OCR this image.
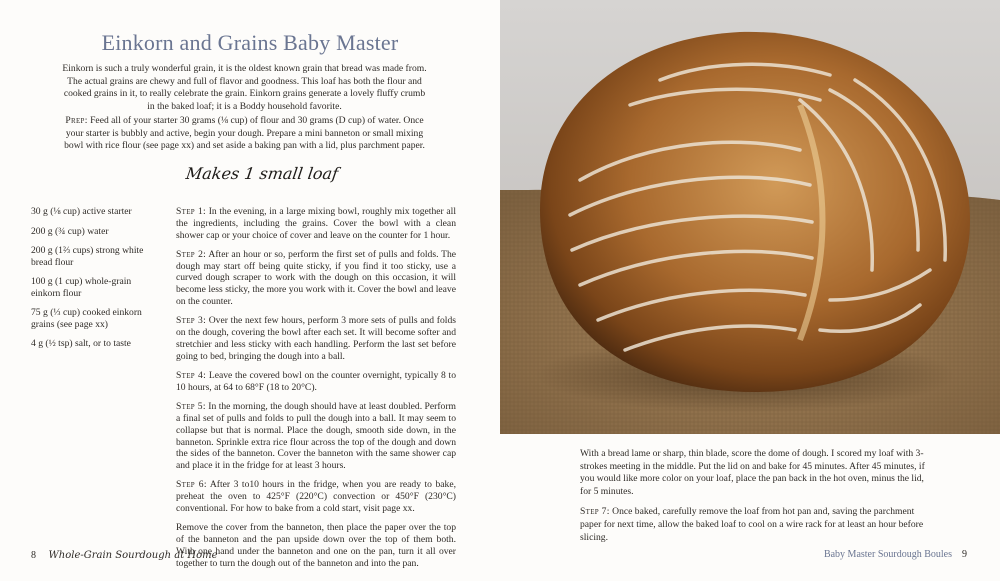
Einkorn and Grains Baby Master

Einkorn is such a truly wonderful grain, it is the oldest known grain that bread was made from. The actual grains are chewy and full of flavor and goodness. This loaf has both the flour and cooked grains in it, to really celebrate the grain. Einkorn grains generate a lovely fluffy crumb in the baked loaf; it is a Boddy household favorite.

Prep: Feed all of your starter 30 grams (⅛ cup) of flour and 30 grams (D cup) of water. Once your starter is bubbly and active, begin your dough. Prepare a mini banneton or small mixing bowl with rice flour (see page xx) and set aside a baking pan with a lid, plus parchment paper.

Makes 1 small loaf
30 g (⅛ cup) active starter
200 g (¾ cup) water
200 g (1⅔ cups) strong white bread flour
100 g (1 cup) whole-grain einkorn flour
75 g (⅓ cup) cooked einkorn grains (see page xx)
4 g (½ tsp) salt, or to taste

Step 1: In the evening, in a large mixing bowl, roughly mix together all the ingredients, including the grains. Cover the bowl with a clean shower cap or your choice of cover and leave on the counter for 1 hour.

Step 2: After an hour or so, perform the first set of pulls and folds. The dough may start off being quite sticky, if you find it too sticky, use a curved dough scraper to work with the dough on this occasion, it will become less sticky, the more you work with it. Cover the bowl and leave on the counter.

Step 3: Over the next few hours, perform 3 more sets of pulls and folds on the dough, covering the bowl after each set. It will become softer and stretchier and less sticky with each handling. Perform the last set before going to bed, bringing the dough into a ball.

Step 4: Leave the covered bowl on the counter overnight, typically 8 to 10 hours, at 64 to 68°F (18 to 20°C).

Step 5: In the morning, the dough should have at least doubled. Perform a final set of pulls and folds to pull the dough into a ball. It may seem to collapse but that is normal. Place the dough, smooth side down, in the banneton. Sprinkle extra rice flour across the top of the dough and down the sides of the banneton. Cover the banneton with the same shower cap and place it in the fridge for at least 3 hours.

Step 6: After 3 to10 hours in the fridge, when you are ready to bake, preheat the oven to 425°F (220°C) convection or 450°F (230°C) conventional. For how to bake from a cold start, visit page xx.

Remove the cover from the banneton, then place the paper over the top of the banneton and the pan upside down over the top of them both. With one hand under the banneton and one on the pan, turn it all over together to turn the dough out of the banneton and into the pan.

8 Whole-Grain Sourdough at Home

With a bread lame or sharp, thin blade, score the dome of dough. I scored my loaf with 3-strokes meeting in the middle. Put the lid on and bake for 45 minutes. After 45 minutes, if you would like more color on your loaf, place the pan back in the hot oven, minus the lid, for 5 minutes.

Step 7: Once baked, carefully remove the loaf from hot pan and, saving the parchment paper for next time, allow the baked loaf to cool on a wire rack for at least an hour before slicing.

Baby Master Sourdough Boules 9
